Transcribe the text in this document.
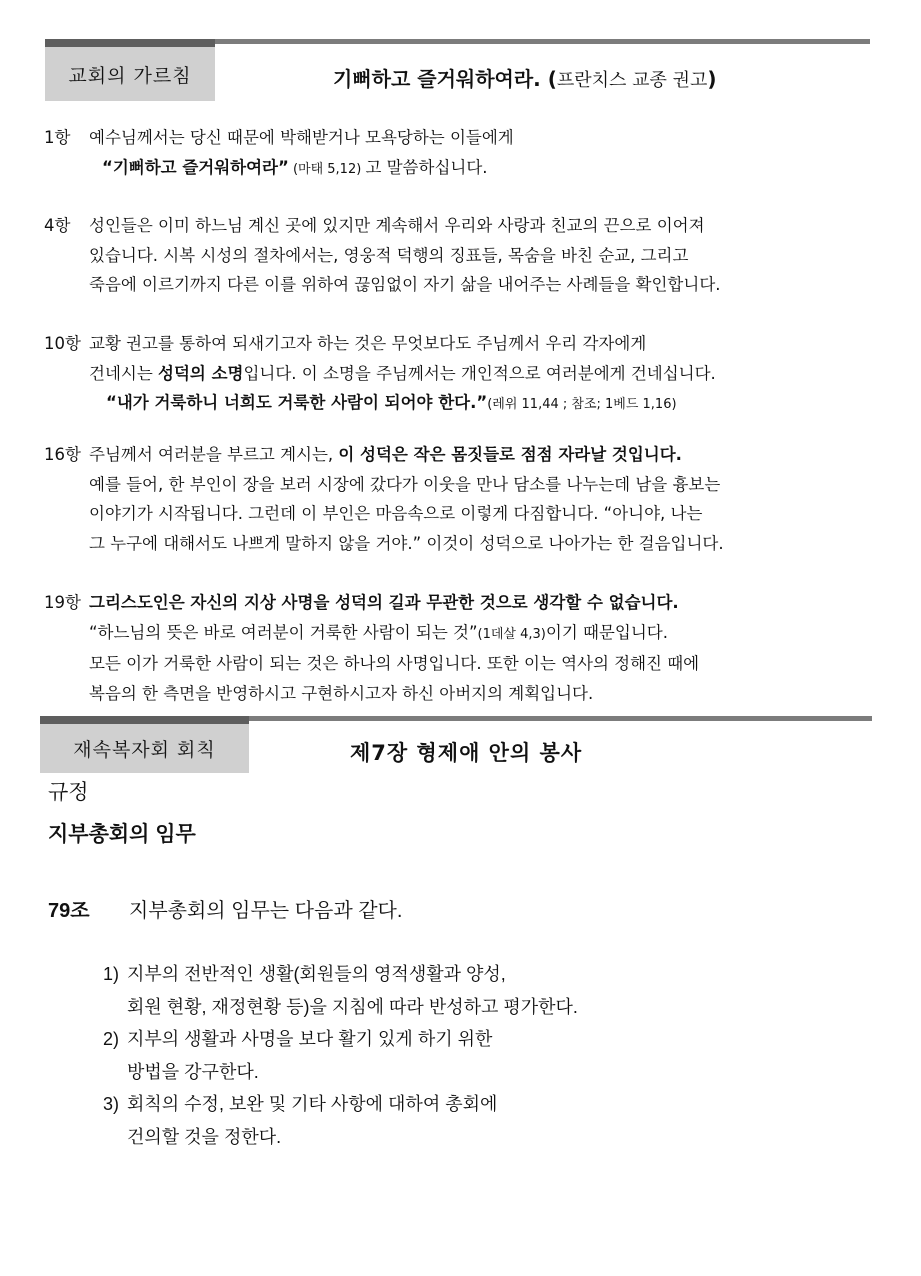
교회의 가르침	기뻐하고 즐거워하여라. (프란치스 교종 권고)
1항	예수님께서는 당신 때문에 박해받거나 모욕당하는 이들에게
“기뻐하고 즐거워하여라” (마태 5,12) 고 말씀하십니다.
4항	성인들은 이미 하느님 계신 곳에 있지만 계속해서 우리와 사랑과 친교의 끈으로 이어져
있습니다. 시복 시성의 절차에서는, 영웅적 덕행의 징표들, 목숨을 바친 순교, 그리고
죽음에 이르기까지 다른 이를 위하여 끊임없이 자기 삶을 내어주는 사례들을 확인합니다.
10항 교황 권고를 통하여 되새기고자 하는 것은 무엇보다도 주님께서 우리 각자에게
건네시는 성덕의 소명입니다. 이 소명을 주님께서는 개인적으로 여러분에게 건네십니다.
“내가 거룩하니 너희도 거룩한 사람이 되어야 한다.”(레위 11,44 ; 참조; 1베드 1,16)
16항 주님께서 여러분을 부르고 계시는, 이 성덕은 작은 몸짓들로 점점 자라날 것입니다.
예를 들어, 한 부인이 장을 보러 시장에 갔다가 이웃을 만나 담소를 나누는데 남을 흉보는
이야기가 시작됩니다. 그런데 이 부인은 마음속으로 이렇게 다짐합니다. “아니야, 나는
그 누구에 대해서도 나쁘게 말하지 않을 거야.” 이것이 성덕으로 나아가는 한 걸음입니다.
19항 그리스도인은 자신의 지상 사명을 성덕의 길과 무관한 것으로 생각할 수 없습니다.
“하느님의 뜻은 바로 여러분이 거룩한 사람이 되는 것”(1데살 4,3)이기 때문입니다.
모든 이가 거룩한 사람이 되는 것은 하나의 사명입니다. 또한 이는 역사의 정해진 때에
복음의 한 측면을 반영하시고 구현하시고자 하신 아버지의 계획입니다.
재속복자회 회칙	제7장 형제애 안의 봉사
규정
지부총회의 임무
79조 지부총회의 임무는 다음과 같다.
1) 지부의 전반적인 생활(회원들의 영적생활과 양성,
회원 현황, 재정현황 등)을 지침에 따라 반성하고 평가한다.
2) 지부의 생활과 사명을 보다 활기 있게 하기 위한
방법을 강구한다.
3) 회칙의 수정, 보완 및 기타 사항에 대하여 총회에
건의할 것을 정한다.
